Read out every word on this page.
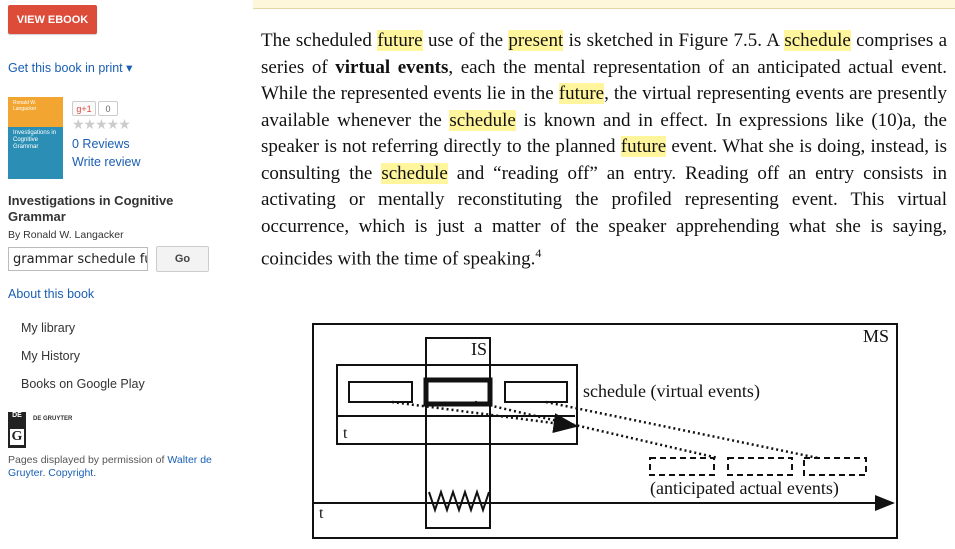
VIEW EBOOK
Get this book in print ▾
Ronald W. Langacker
Investigations in Cognitive Grammar
g+1	0
★★★★★
0 Reviews
Write review
Investigations in Cognitive Grammar
By Ronald W. Langacker
grammar schedule future
Go
About this book
My library
My History
Books on Google Play
DE
G
DE GRUYTER
Pages displayed by permission of Walter de Gruyter. Copyright.
The scheduled future use of the present is sketched in Figure 7.5. A schedule comprises a series of virtual events, each the mental representation of an anticipated actual event. While the represented events lie in the future, the virtual representing events are presently available whenever the schedule is known and in effect. In expressions like (10)a, the speaker is not referring directly to the planned future event. What she is doing, instead, is consulting the schedule and “reading off” an entry. Reading off an entry consists in activating or mentally reconstituting the profiled representing event. This virtual occurrence, which is just a matter of the speaker apprehending what she is saying, coincides with the time of speaking.$^4$
MS
IS
schedule (virtual events)
t
(anticipated actual events)
t
